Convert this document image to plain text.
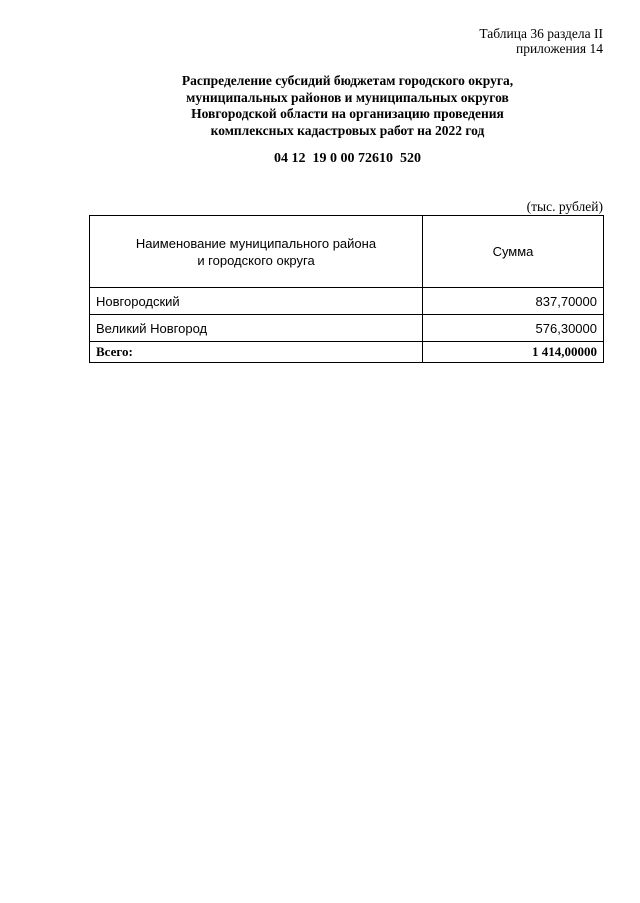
Таблица 36 раздела II
приложения 14
Распределение субсидий бюджетам городского округа,
муниципальных районов и муниципальных округов
Новгородской области на организацию проведения
комплексных кадастровых работ на 2022 год
04 12  19 0 00 72610  520
(тыс. рублей)
Наименование муниципального района
и городского округа	Сумма
Новгородский	837,70000
Великий Новгород	576,30000
Всего:	1 414,00000
